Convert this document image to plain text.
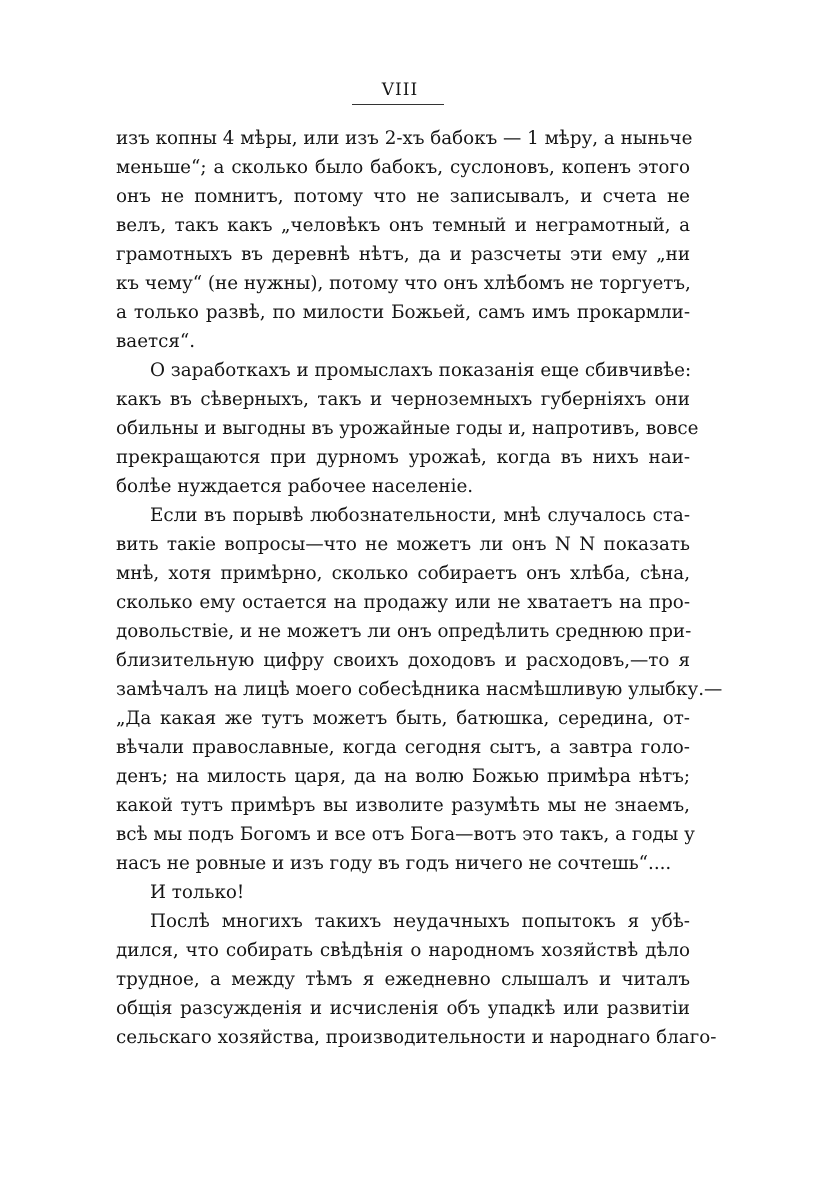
VIII

изъ копны 4 мѣры, или изъ 2-хъ бабокъ — 1 мѣру, а ныньче
меньше“; а сколько было бабокъ, суслоновъ, копенъ этого
онъ не помнитъ, потому что не записывалъ, и счета не
велъ, такъ какъ „человѣкъ онъ темный и неграмотный, а
грамотныхъ въ деревнѣ нѣтъ, да и разсчеты эти ему „ни
къ чему“ (не нужны), потому что онъ хлѣбомъ не торгуетъ,
а только развѣ, по милости Божьей, самъ имъ прокармли-
вается“.

О заработкахъ и промыслахъ показанія еще сбивчивѣе:
какъ въ сѣверныхъ, такъ и черноземныхъ губерніяхъ они
обильны и выгодны въ урожайные годы и, напротивъ, вовсе
прекращаются при дурномъ урожаѣ, когда въ нихъ наи-
болѣе нуждается рабочее населеніе.

Если въ порывѣ любознательности, мнѣ случалось ста-
вить такіе вопросы—что не можетъ ли онъ N N показать
мнѣ, хотя примѣрно, сколько собираетъ онъ хлѣба, сѣна,
сколько ему остается на продажу или не хватаетъ на про-
довольствіе, и не можетъ ли онъ опредѣлить среднюю при-
близительную цифру своихъ доходовъ и расходовъ,—то я
замѣчалъ на лицѣ моего собесѣдника насмѣшливую улыбку.—
„Да какая же тутъ можетъ быть, батюшка, середина, от-
вѣчали православные, когда сегодня сытъ, а завтра голо-
денъ; на милость царя, да на волю Божью примѣра нѣтъ;
какой тутъ примѣръ вы изволите разумѣть мы не знаемъ,
всѣ мы подъ Богомъ и все отъ Бога—вотъ это такъ, а годы у
насъ не ровные и изъ году въ годъ ничего не сочтешь“....

И только!

Послѣ многихъ такихъ неудачныхъ попытокъ я убѣ-
дился, что собирать свѣдѣнія о народномъ хозяйствѣ дѣло
трудное, а между тѣмъ я ежедневно слышалъ и читалъ
общія разсужденія и исчисленія объ упадкѣ или развитіи
сельскаго хозяйства, производительности и народнаго благо-
